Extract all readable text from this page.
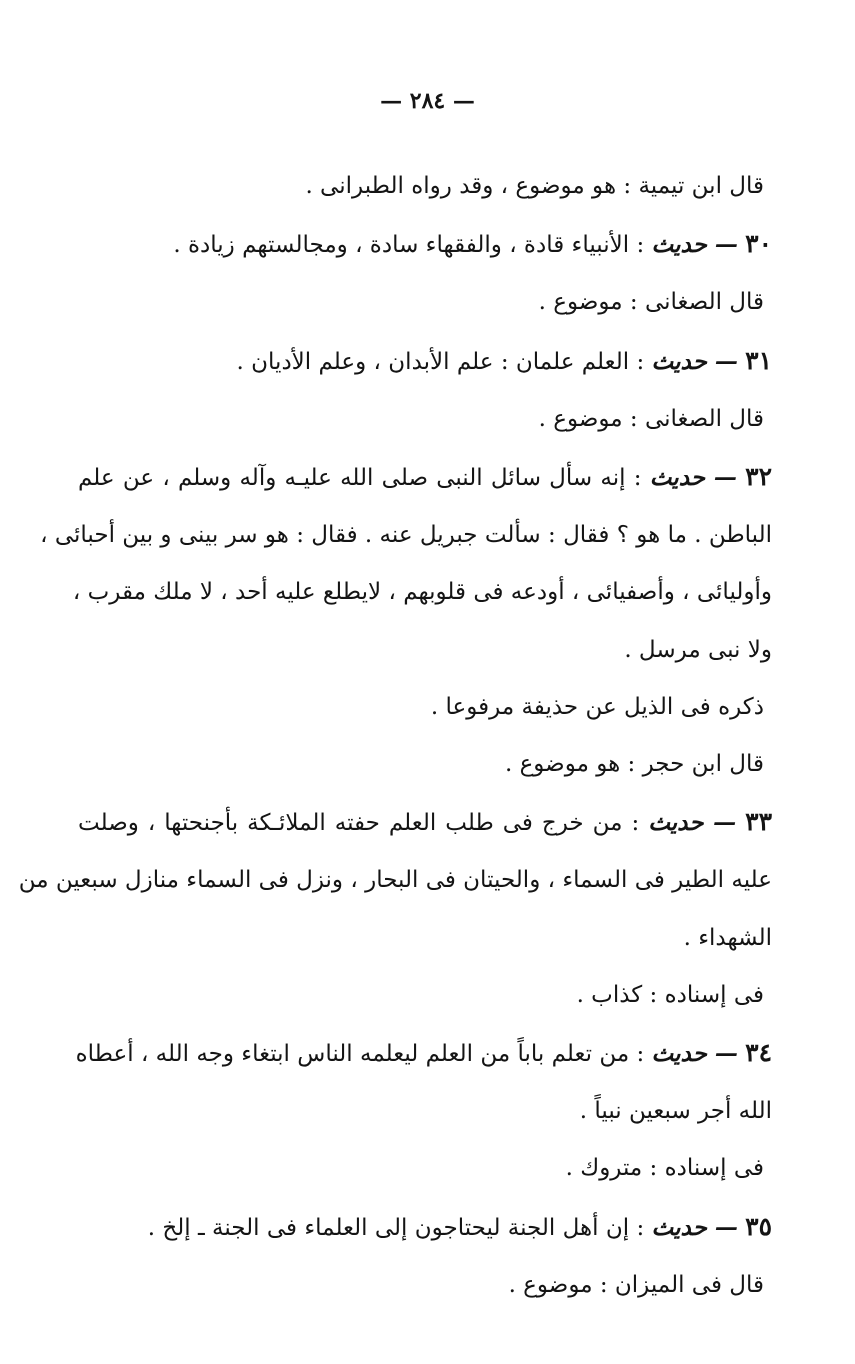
— ٢٨٤ —

قال ابن تيمية : هو موضوع ، وقد رواه الطبرانى .

٣٠ — حديث : الأنبياء قادة ، والفقهاء سادة ، ومجالستهم زيادة .

قال الصغانى : موضوع .

٣١ — حديث : العلم علمان : علم الأبدان ، وعلم الأديان .

قال الصغانى : موضوع .

٣٢ — حديث : إنه سأل سائل النبى صلى الله عليـه وآله وسلم ، عن علم

الباطن . ما هو ؟ فقال : سألت جبريل عنه . فقال : هو سر بينى و بين أحبائى ،

وأوليائى ، وأصفيائى ، أودعه فى قلوبهم ، لايطلع عليه أحد ، لا ملك مقرب ،

ولا نبى مرسل .

ذكره فى الذيل عن حذيفة مرفوعا .

قال ابن حجر : هو موضوع .

٣٣ — حديث : من خرج فى طلب العلم حفته الملائـكة بأجنحتها ، وصلت

عليه الطير فى السماء ، والحيتان فى البحار ، ونزل فى السماء منازل سبعين من

الشهداء .

فى إسناده : كذاب .

٣٤ — حديث : من تعلم باباً من العلم ليعلمه الناس ابتغاء وجه الله ، أعطاه

الله أجر سبعين نبياً .

فى إسناده : متروك .

٣٥ — حديث : إن أهل الجنة ليحتاجون إلى العلماء فى الجنة ـ إلخ .

قال فى الميزان : موضوع .
